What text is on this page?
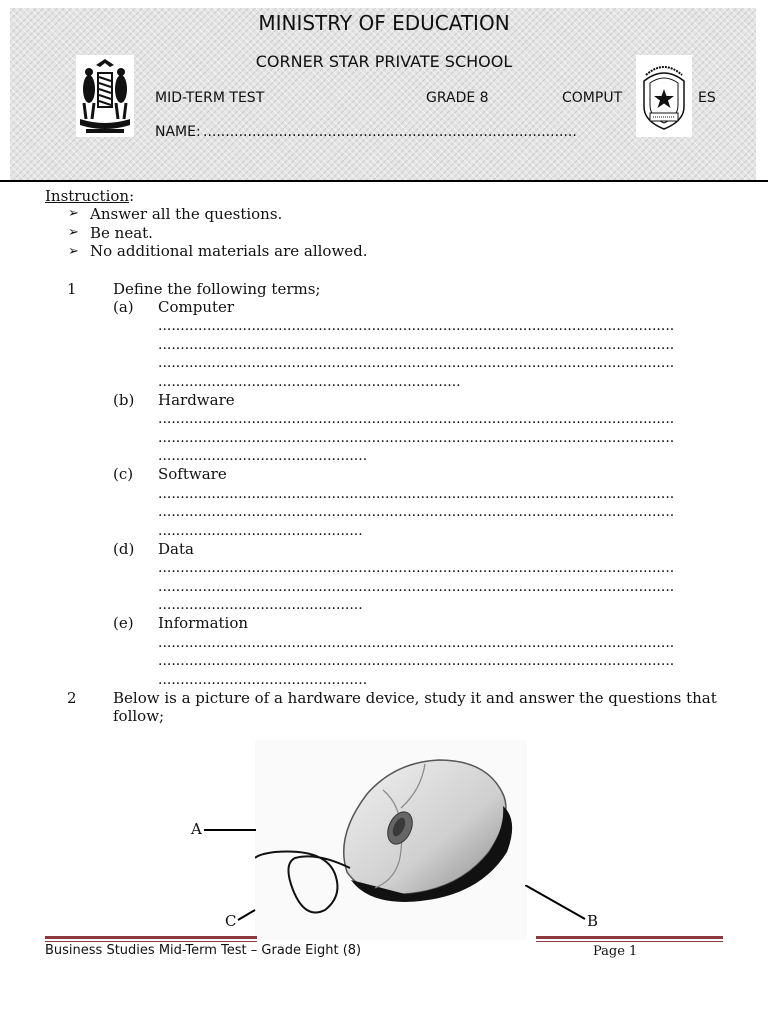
MINISTRY OF EDUCATION
CORNER STAR PRIVATE SCHOOL
MID-TERM TEST	GRADE 8	COMPUT	ES
NAME: ....................................................................................
Instruction:
➢ Answer all the questions.
➢ Be neat.
➢ No additional materials are allowed.
1 Define the following terms;
(a) Computer
....................................................................................................................
....................................................................................................................
....................................................................................................................
....................................................................
(b) Hardware
....................................................................................................................
....................................................................................................................
...............................................
(c) Software
....................................................................................................................
....................................................................................................................
..............................................
(d) Data
....................................................................................................................
....................................................................................................................
..............................................
(e) Information
....................................................................................................................
....................................................................................................................
...............................................
2 Below is a picture of a hardware device, study it and answer the questions that
follow;
A
B
C
Business Studies Mid-Term Test – Grade Eight (8)	Page 1
